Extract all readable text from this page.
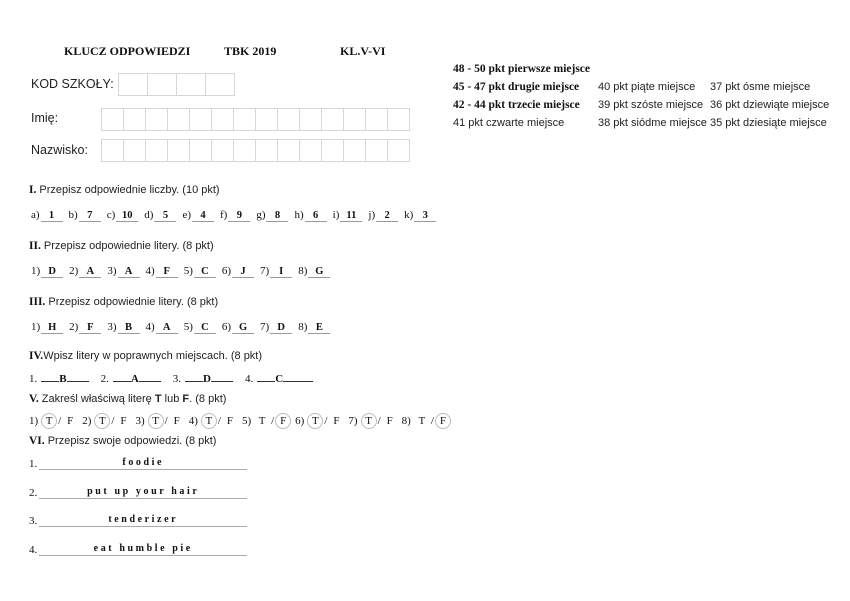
KLUCZ ODPOWIEDZI	TBK 2019	KL.V-VI
KOD SZKOŁY:
Imię:
Nazwisko:
48 - 50 pkt pierwsze miejsce
45 - 47 pkt drugie miejsce 40 pkt piąte miejsce 37 pkt ósme miejsce
42 - 44 pkt trzecie miejsce 39 pkt szóste miejsce 36 pkt dziewiąte miejsce
41 pkt czwarte miejsce	38 pkt siódme miejsce 35 pkt dziesiąte miejsce
I. Przepisz odpowiednie liczby. (10 pkt)
a) 1	b) 7	c) 10	d) 5	e) 4	f) 9	g) 8	h) 6	i) 11	j) 2	k) 3
II. Przepisz odpowiednie litery. (8 pkt)
1) D	2) A	3) A	4) F	5) C	6) J	7) I	8) G
III. Przepisz odpowiednie litery. (8 pkt)
1) H	2) F	3) B	4) A	5) C	6) G	7) D	8) E
IV.Wpisz litery w poprawnych miejscach. (8 pkt)
1. B	2. A	3. D	4. C
V. Zakreśl właściwą literę T lub F. (8 pkt)
1) T / F 2) T / F 3) T / F 4) T / F 5) T / F 6) T / F 7) T / F 8) T / F
VI. Przepisz swoje odpowiedzi. (8 pkt)
1.	foodie
2.	put up your hair
3.	tenderizer
4.	eat humble pie
